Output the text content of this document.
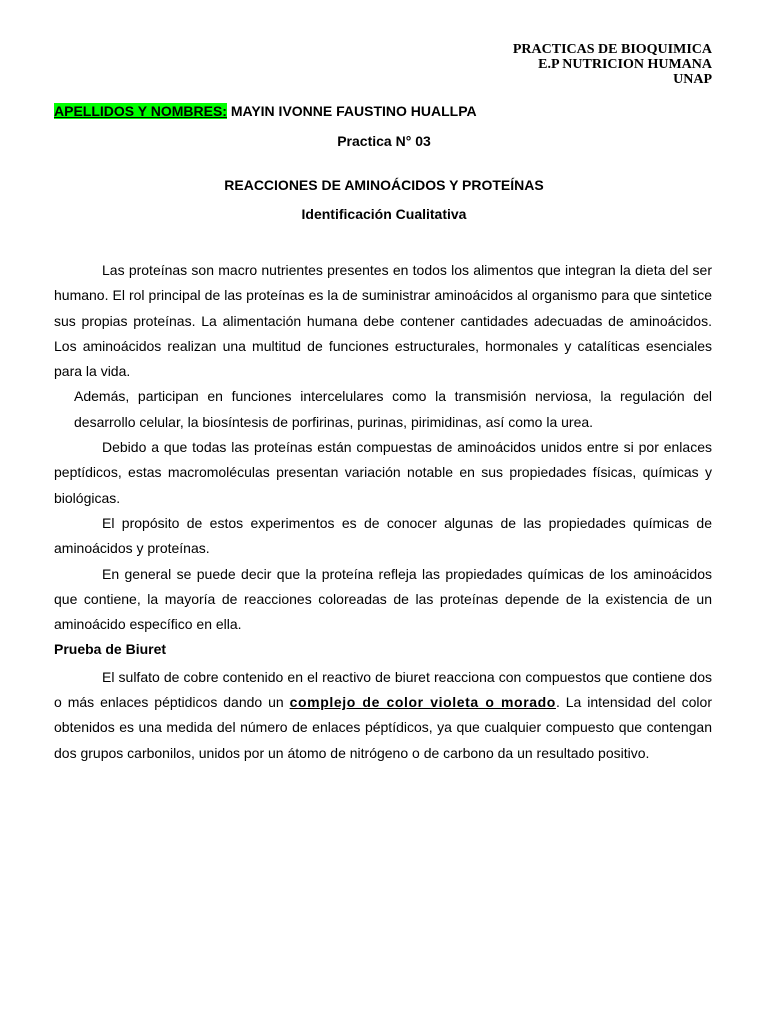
PRACTICAS DE BIOQUIMICA
E.P NUTRICION HUMANA
UNAP
APELLIDOS Y NOMBRES: MAYIN IVONNE FAUSTINO HUALLPA
Practica N° 03
REACCIONES DE AMINOÁCIDOS Y PROTEÍNAS
Identificación Cualitativa

Las proteínas son macro nutrientes presentes en todos los alimentos que integran la dieta del ser humano. El rol principal de las proteínas es la de suministrar aminoácidos al organismo para que sintetice sus propias proteínas. La alimentación humana debe contener cantidades adecuadas de aminoácidos. Los aminoácidos realizan una multitud de funciones estructurales, hormonales y catalíticas esenciales para la vida.

Además, participan en funciones intercelulares como la transmisión nerviosa, la regulación del desarrollo celular, la biosíntesis de porfirinas, purinas, pirimidinas, así como la urea.

Debido a que todas las proteínas están compuestas de aminoácidos unidos entre si por enlaces peptídicos, estas macromoléculas presentan variación notable en sus propiedades físicas, químicas y biológicas.

El propósito de estos experimentos es de conocer algunas de las propiedades químicas de aminoácidos y proteínas.

En general se puede decir que la proteína refleja las propiedades químicas de los aminoácidos que contiene, la mayoría de reacciones coloreadas de las proteínas depende de la existencia de un aminoácido específico en ella.

Prueba de Biuret

El sulfato de cobre contenido en el reactivo de biuret reacciona con compuestos que contiene dos o más enlaces péptidicos dando un complejo de color violeta o morado. La intensidad del color obtenidos es una medida del número de enlaces péptídicos, ya que cualquier compuesto que contengan dos grupos carbonilos, unidos por un átomo de nitrógeno o de carbono da un resultado positivo.
